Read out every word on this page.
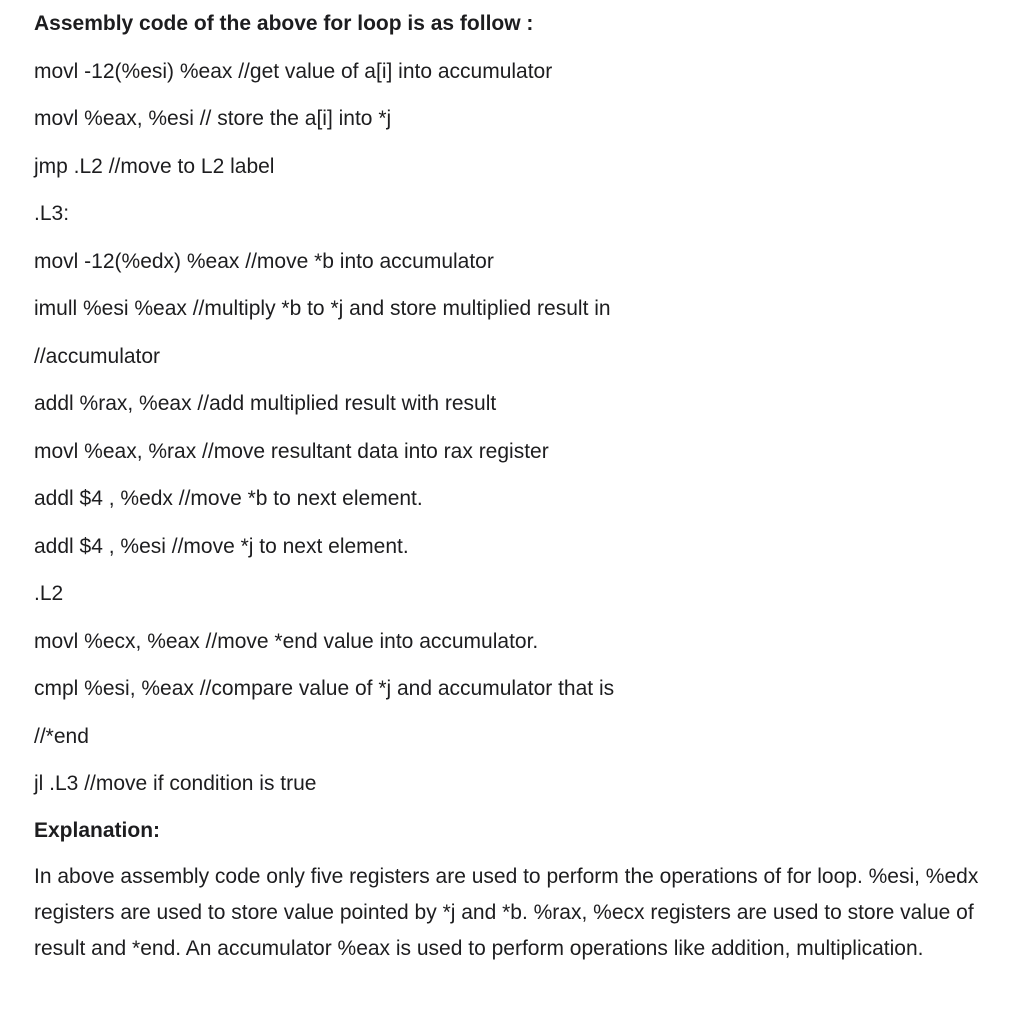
Assembly code of the above for loop is as follow :

movl -12(%esi) %eax //get value of a[i] into accumulator

movl %eax, %esi // store the a[i] into *j

jmp .L2 //move to L2 label

.L3:

movl -12(%edx) %eax //move *b into accumulator

imull %esi %eax //multiply *b to *j and store multiplied result in

//accumulator

addl %rax, %eax //add multiplied result with result

movl %eax, %rax //move resultant data into rax register

addl $4 , %edx //move *b to next element.

addl $4 , %esi //move *j to next element.

.L2

movl %ecx, %eax //move *end value into accumulator.

cmpl %esi, %eax //compare value of *j and accumulator that is

//*end

jl .L3 //move if condition is true

Explanation:

In above assembly code only five registers are used to perform the operations of for loop. %esi, %edx registers are used to store value pointed by *j and *b. %rax, %ecx registers are used to store value of result and *end. An accumulator %eax is used to perform operations like addition, multiplication.
